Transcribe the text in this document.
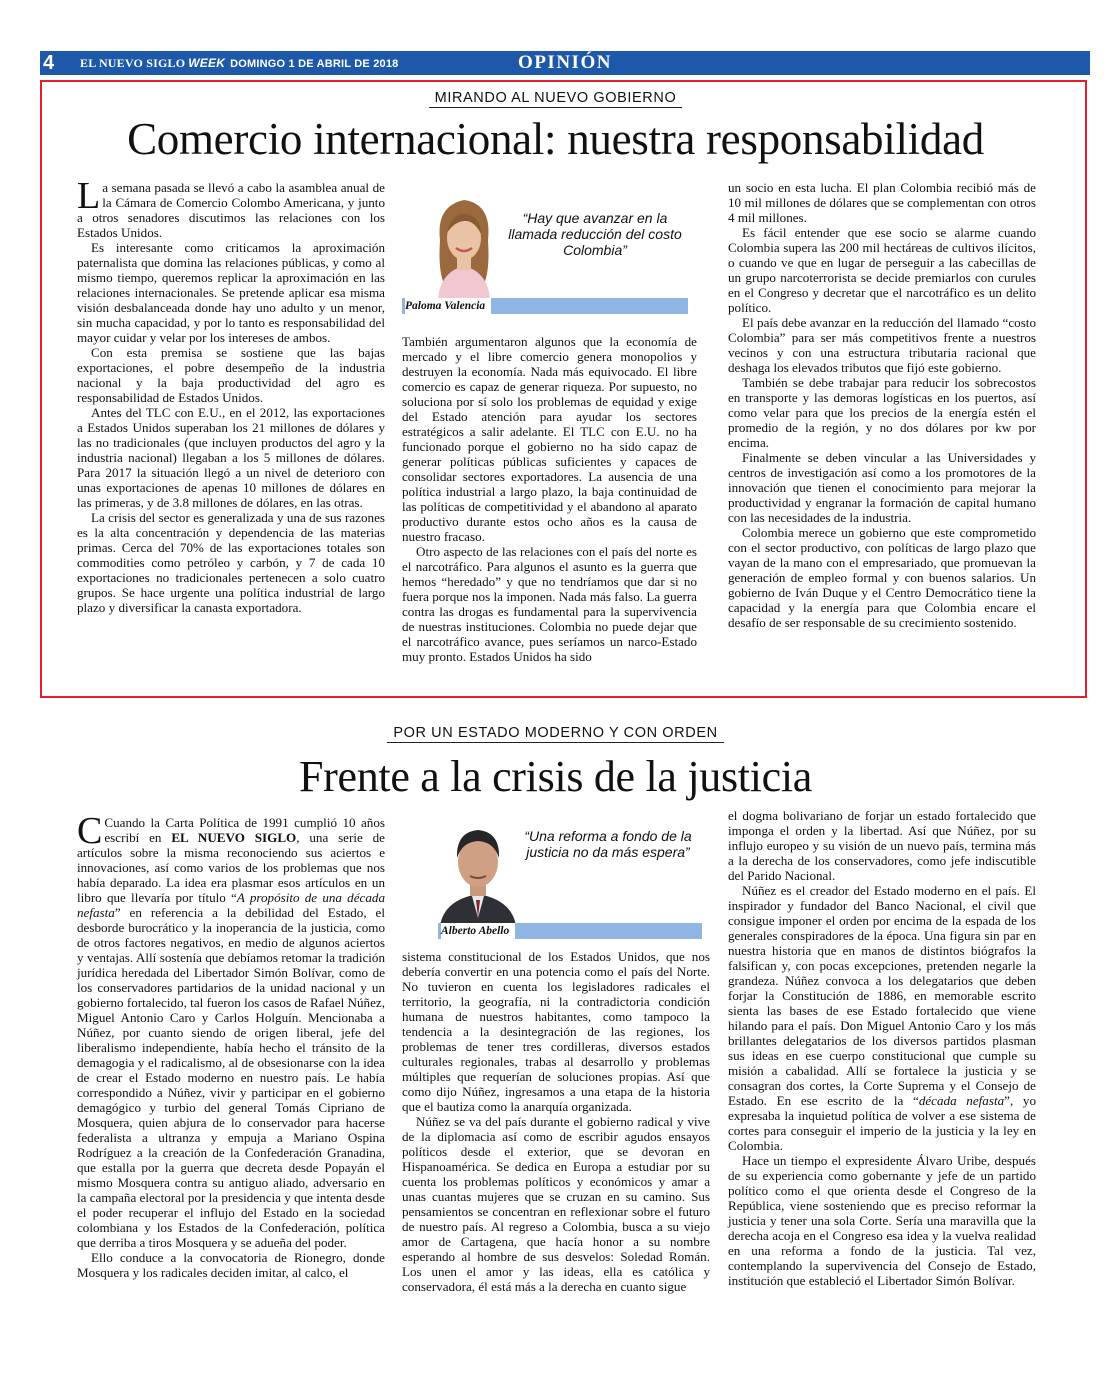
4 EL NUEVO SIGLO WEEK DOMINGO 1 DE ABRIL DE 2018	OPINIÓN
MIRANDO AL NUEVO GOBIERNO
Comercio internacional: nuestra responsabilidad

La semana pasada se llevó a cabo la asamblea anual de la Cámara de Comercio Colombo Americana, y junto a otros senadores discutimos las relaciones con los Estados Unidos.

Es interesante como criticamos la aproximación paternalista que domina las relaciones públicas, y como al mismo tiempo, queremos replicar la aproximación en las relaciones internacionales. Se pretende aplicar esa misma visión desbalanceada donde hay uno adulto y un menor, sin mucha capacidad, y por lo tanto es responsabilidad del mayor cuidar y velar por los intereses de ambos.

Con esta premisa se sostiene que las bajas exportaciones, el pobre desempeño de la industria nacional y la baja productividad del agro es responsabilidad de Estados Unidos.

Antes del TLC con E.U., en el 2012, las exportaciones a Estados Unidos superaban los 21 millones de dólares y las no tradicionales (que incluyen productos del agro y la industria nacional) llegaban a los 5 millones de dólares. Para 2017 la situación llegó a un nivel de deterioro con unas exportaciones de apenas 10 millones de dólares en las primeras, y de 3.8 millones de dólares, en las otras.

La crisis del sector es generalizada y una de sus razones es la alta concentración y dependencia de las materias primas. Cerca del 70% de las exportaciones totales son commodities como petróleo y carbón, y 7 de cada 10 exportaciones no tradicionales pertenecen a solo cuatro grupos. Se hace urgente una política industrial de largo plazo y diversificar la canasta exportadora.

“Hay que avanzar en la llamada reducción del costo Colombia”
Paloma Valencia

También argumentaron algunos que la economía de mercado y el libre comercio genera monopolios y destruyen la economía. Nada más equivocado. El libre comercio es capaz de generar riqueza. Por supuesto, no soluciona por sí solo los problemas de equidad y exige del Estado atención para ayudar los sectores estratégicos a salir adelante. El TLC con E.U. no ha funcionado porque el gobierno no ha sido capaz de generar políticas públicas suficientes y capaces de consolidar sectores exportadores. La ausencia de una política industrial a largo plazo, la baja continuidad de las políticas de competitividad y el abandono al aparato productivo durante estos ocho años es la causa de nuestro fracaso.

Otro aspecto de las relaciones con el país del norte es el narcotráfico. Para algunos el asunto es la guerra que hemos “heredado” y que no tendríamos que dar si no fuera porque nos la imponen. Nada más falso. La guerra contra las drogas es fundamental para la supervivencia de nuestras instituciones. Colombia no puede dejar que el narcotráfico avance, pues seríamos un narco-Estado muy pronto. Estados Unidos ha sido

un socio en esta lucha. El plan Colombia recibió más de 10 mil millones de dólares que se complementan con otros 4 mil millones.

Es fácil entender que ese socio se alarme cuando Colombia supera las 200 mil hectáreas de cultivos ilícitos, o cuando ve que en lugar de perseguir a las cabecillas de un grupo narcoterrorista se decide premiarlos con curules en el Congreso y decretar que el narcotráfico es un delito político.

El país debe avanzar en la reducción del llamado “costo Colombia” para ser más competitivos frente a nuestros vecinos y con una estructura tributaria racional que deshaga los elevados tributos que fijó este gobierno.

También se debe trabajar para reducir los sobrecostos en transporte y las demoras logísticas en los puertos, así como velar para que los precios de la energía estén el promedio de la región, y no dos dólares por kw por encima.

Finalmente se deben vincular a las Universidades y centros de investigación así como a los promotores de la innovación que tienen el conocimiento para mejorar la productividad y engranar la formación de capital humano con las necesidades de la industria.

Colombia merece un gobierno que este comprometido con el sector productivo, con políticas de largo plazo que vayan de la mano con el empresariado, que promuevan la generación de empleo formal y con buenos salarios. Un gobierno de Iván Duque y el Centro Democrático tiene la capacidad y la energía para que Colombia encare el desafío de ser responsable de su crecimiento sostenido.

POR UN ESTADO MODERNO Y CON ORDEN
Frente a la crisis de la justicia

C Cuando la Carta Política de 1991 cumplió 10 años escribí en EL NUEVO SIGLO, una serie de artículos sobre la misma reconociendo sus aciertos e innovaciones, así como varios de los problemas que nos había deparado. La idea era plasmar esos artículos en un libro que llevaría por título “A propósito de una década nefasta” en referencia a la debilidad del Estado, el desborde burocrático y la inoperancia de la justicia, como de otros factores negativos, en medio de algunos aciertos y ventajas. Allí sostenía que debíamos retomar la tradición jurídica heredada del Libertador Simón Bolívar, como de los conservadores partidarios de la unidad nacional y un gobierno fortalecido, tal fueron los casos de Rafael Núñez, Miguel Antonio Caro y Carlos Holguín. Mencionaba a Núñez, por cuanto siendo de origen liberal, jefe del liberalismo independiente, había hecho el tránsito de la demagogia y el radicalismo, al de obsesionarse con la idea de crear el Estado moderno en nuestro país. Le había correspondido a Núñez, vivir y participar en el gobierno demagógico y turbio del general Tomás Cipriano de Mosquera, quien abjura de lo conservador para hacerse federalista a ultranza y empuja a Mariano Ospina Rodríguez a la creación de la Confederación Granadina, que estalla por la guerra que decreta desde Popayán el mismo Mosquera contra su antiguo aliado, adversario en la campaña electoral por la presidencia y que intenta desde el poder recuperar el influjo del Estado en la sociedad colombiana y los Estados de la Confederación, política que derriba a tiros Mosquera y se adueña del poder.

Ello conduce a la convocatoria de Rionegro, donde Mosquera y los radicales deciden imitar, al calco, el

“Una reforma a fondo de la justicia no da más espera”
Alberto Abello

sistema constitucional de los Estados Unidos, que nos debería convertir en una potencia como el país del Norte. No tuvieron en cuenta los legisladores radicales el territorio, la geografía, ni la contradictoria condición humana de nuestros habitantes, como tampoco la tendencia a la desintegración de las regiones, los problemas de tener tres cordilleras, diversos estados culturales regionales, trabas al desarrollo y problemas múltiples que requerían de soluciones propias. Así que como dijo Núñez, ingresamos a una etapa de la historia que el bautiza como la anarquía organizada.

Núñez se va del país durante el gobierno radical y vive de la diplomacia así como de escribir agudos ensayos políticos desde el exterior, que se devoran en Hispanoamérica. Se dedica en Europa a estudiar por su cuenta los problemas políticos y económicos y amar a unas cuantas mujeres que se cruzan en su camino. Sus pensamientos se concentran en reflexionar sobre el futuro de nuestro país. Al regreso a Colombia, busca a su viejo amor de Cartagena, que hacía honor a su nombre esperando al hombre de sus desvelos: Soledad Román. Los unen el amor y las ideas, ella es católica y conservadora, él está más a la derecha en cuanto sigue

el dogma bolivariano de forjar un estado fortalecido que imponga el orden y la libertad. Así que Núñez, por su influjo europeo y su visión de un nuevo país, termina más a la derecha de los conservadores, como jefe indiscutible del Parido Nacional.

Núñez es el creador del Estado moderno en el país. El inspirador y fundador del Banco Nacional, el civil que consigue imponer el orden por encima de la espada de los generales conspiradores de la época. Una figura sin par en nuestra historia que en manos de distintos biógrafos la falsifican y, con pocas excepciones, pretenden negarle la grandeza. Núñez convoca a los delegatarios que deben forjar la Constitución de 1886, en memorable escrito sienta las bases de ese Estado fortalecido que viene hilando para el país. Don Miguel Antonio Caro y los más brillantes delegatarios de los diversos partidos plasman sus ideas en ese cuerpo constitucional que cumple su misión a cabalidad. Allí se fortalece la justicia y se consagran dos cortes, la Corte Suprema y el Consejo de Estado. En ese escrito de la “década nefasta”, yo expresaba la inquietud política de volver a ese sistema de cortes para conseguir el imperio de la justicia y la ley en Colombia.

Hace un tiempo el expresidente Álvaro Uribe, después de su experiencia como gobernante y jefe de un partido político como el que orienta desde el Congreso de la República, viene sosteniendo que es preciso reformar la justicia y tener una sola Corte. Sería una maravilla que la derecha acoja en el Congreso esa idea y la vuelva realidad en una reforma a fondo de la justicia. Tal vez, contemplando la supervivencia del Consejo de Estado, institución que estableció el Libertador Simón Bolívar.
